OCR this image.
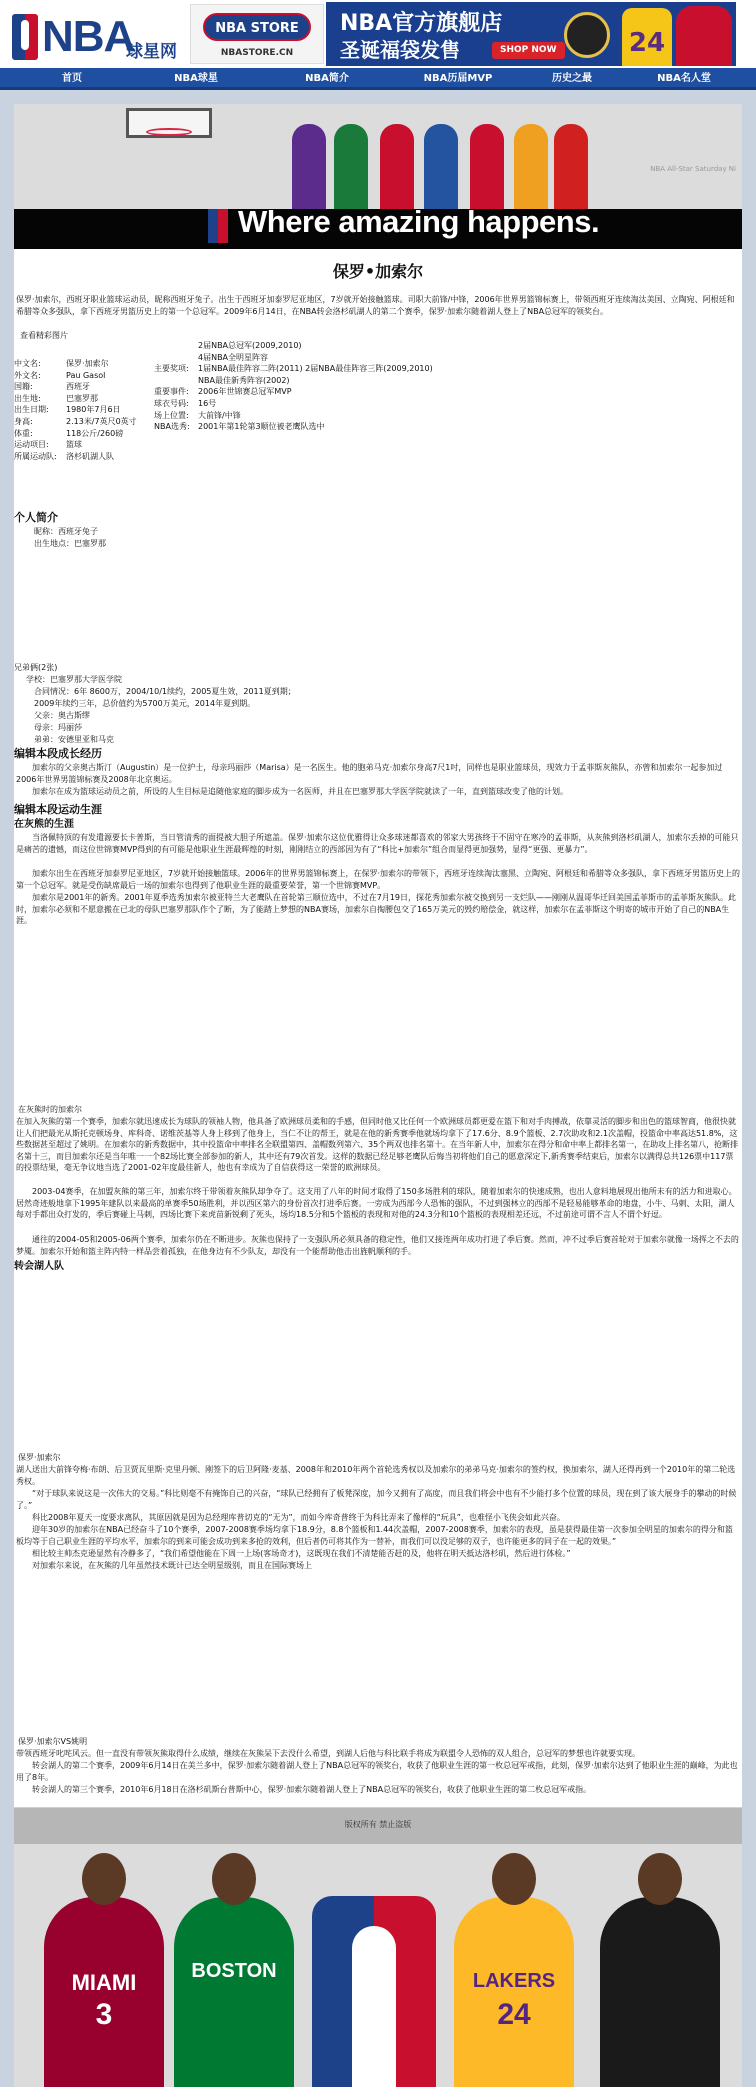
NBA
球星网
NBA STORE
NBASTORE.CN
NBA官方旗舰店
圣诞福袋发售	SHOP NOW	24
首页	NBA球星	NBA简介	NBA历届MVP	历史之最	NBA名人堂
NBA All-Star Saturday Ni
Where amazing happens.
保罗•加索尔
保罗·加索尔，西班牙职业篮球运动员，昵称西班牙兔子。出生于西班牙加泰罗尼亚地区，7岁就开始接触篮球。司职大前锋/中锋，2006年世界男篮锦标赛上，带领西班牙连续淘汰美国、立陶宛、阿根廷和希腊等众多强队，拿下西班牙男篮历史上的第一个总冠军。2009年6月14日，在NBA转会洛杉矶湖人的第二个赛季，保罗·加索尔随着湖人登上了NBA总冠军的领奖台。
查看精彩图片
中文名:	保罗·加索尔
外文名:	Pau Gasol
国籍:	西班牙
出生地:	巴塞罗那
出生日期:	1980年7月6日
身高:	2.13米/7英尺0英寸
体重:	118公斤/260磅
运动项目:	篮球
所属运动队:	洛杉矶湖人队
2届NBA总冠军(2009,2010)
4届NBA全明星阵容
主要奖项:	1届NBA最佳阵容二阵(2011) 2届NBA最佳阵容三阵(2009,2010)
NBA最佳新秀阵容(2002)
重要事件:	2006年世锦赛总冠军MVP
球衣号码:	16号
场上位置:	大前锋/中锋
NBA选秀:	2001年第1轮第3顺位被老鹰队选中
个人简介
昵称：西班牙兔子
出生地点：巴塞罗那
兄弟俩(2张)
学校：巴塞罗那大学医学院
合同情况：6年 8600万，2004/10/1续约，2005夏生效，2011夏到期；
2009年续约三年，总价值约为5700万美元，2014年夏到期。
父亲：奥古斯缪
母亲：玛丽莎
弟弟：安德里亚和马克
编辑本段成长经历
加索尔的父亲奥古斯汀（Augustin）是一位护士，母亲玛丽莎（Marisa）是一名医生。他的胞弟马克·加索尔身高7尺1吋，同样也是职业篮球员，现效力于孟菲斯灰熊队，亦曾和加索尔一起参加过2006年世界男篮锦标赛及2008年北京奥运。
加索尔在成为篮球运动员之前，所设的人生目标是追随他家庭的脚步成为一名医师，并且在巴塞罗那大学医学院就读了一年，直到篮球改变了他的计划。
编辑本段运动生涯
在灰熊的生涯
当洛佩特顶的有发遣源要长卡普斯，当日管清秀的面提被大胆子所遮盖。保罗·加索尔这位优雅得让众多球迷都喜欢的邻家大男孩终于不固守在寒冷的孟菲斯，从灰熊到洛杉矶湖人，加索尔丢掉的可能只是痛苦的遗憾，而这位世锦赛MVP得到的有可能是他职业生涯最辉煌的时刻，刚刚结立的西部因为有了“科比+加索尔”组合而显得更加强势，显得“更强、更暴力”。
加索尔出生在西班牙加泰罗尼亚地区，7岁就开始接触篮球。2006年的世界男篮锦标赛上，在保罗·加索尔的带领下，西班牙连续淘汰塞黑、立陶宛、阿根廷和希腊等众多强队，拿下西班牙男篮历史上的第一个总冠军。就是受伤缺席最后一场的加索尔也得到了他职业生涯的最重要荣誉，第一个世锦赛MVP。
加索尔是2001年的新秀。2001年夏季选秀加索尔被亚特兰大老鹰队在首轮第三顺位选中，不过在7月19日，探花秀加索尔被交换到另一支烂队——刚刚从温哥华迁回美国孟菲斯市的孟菲斯灰熊队。此时，加索尔必须和不愿意搬在已北的母队巴塞罗那队作个了断，为了能踏上梦想的NBA赛场，加索尔自掏腰包交了165万美元的毁约赔偿金，就这样，加索尔在孟菲斯这个明寄的城市开始了自己的NBA生涯。
在灰熊时的加索尔
在加入灰熊的第一个赛季，加索尔就迅速成长为球队的领袖人物，他具备了欧洲球员柔和的手感，但同时他又比任何一个欧洲球员都更爱在篮下和对手肉搏战，依靠灵活的脚步和出色的篮球智商，他很快就让人们把最光从斯托克顿场身、库科奇、诺维茨基等人身上移到了他身上，当仁不让的帮王，就是在他的新秀赛季他就场均拿下了17.6分、8.9个篮板、2.7次助攻和2.1次盖帽，投篮命中率高达51.8%，这些数据甚至超过了姚明。在加索尔的新秀数据中，其中投篮命中率排名全联盟第四、盖帽数列第六、35个两双也排名第十。在当年新人中，加索尔在得分和命中率上都排名第一，在助攻上排名第八，抢断排名第十三，而目加索尔还是当年唯一一个82场比赛全部参加的新人，其中还有79次首发。这样的数据已经足够老鹰队后悔当初将他们自己的愿意深定下,新秀赛季结束后，加索尔以满得总共126票中117票的投票结果，毫无争议地当选了2001-02年度最佳新人，他也有幸成为了自信获得这一荣誉的欧洲球员。
2003-04赛季，在加盟灰熊的第三年，加索尔终于带领着灰熊队却争夺了。这支用了八年的时间才取得了150多场胜利的球队，随着加索尔的快速成熟，也出人意料地展现出他所未有的活力和进取心。居然奇迹般地拿下1995年建队以来最高的单赛季50场胜利，并以西区第六的身份首次打进季后赛。一旁成为西部今人恐怖的强队，不过到强林立的西部不是轻易能够革命的地盘，小牛、马刺、太阳，湖人每对手都出众打发的，季后赛碰上马刺，四场比赛下来虎苗新锐剩了死头，场均18.5分和5个篮板的表现和对他的24.3分和10个篮板的表现相差还远，不过前途可谓不言人不谓个好逗。
通往的2004-05和2005-06两个赛季，加索尔仍在不断进步。灰熊也保持了一支强队所必须具备的稳定性，他们又接连两年成功打进了季后赛。然而，冲不过季后赛首轮对于加索尔就像一场挥之不去的梦魇。加索尔开始和篮主阵内特一样品尝着孤独，在他身边有不少队友，却没有一个能帮助他击出旌帆顺利的手。
转会湖人队
保罗·加索尔
湖人送出大前锋夸梅·布朗、后卫贾瓦里斯·克里丹顿、刚签下的后卫阿隆·麦基、2008年和2010年两个首轮选秀权以及加索尔的弟弟马克·加索尔的签约权，换加索尔，湖人还得再到一个2010年的第二轮选秀权。
“对于球队来说这是一次伟大的交易。”科比则毫不有掩饰自己的兴奋，“球队已经拥有了板凳深度，加今又拥有了高度，而且我们将会中也有不少能打多个位置的球员，现在到了该大展身手的攀动的时候了。”
科比2008年夏天一度要求离队，其原因就是因为总经理库普切克的“无为”，而如今库奇普终于为科比弄来了像样的“玩具”，也难怪小飞侠会如此兴奋。
迎年30岁的加索尔在NBA已经奋斗了10个赛季，2007-2008赛季场均拿下18.9分，8.8个篮板和1.44次盖帽，2007-2008赛季，加索尔的表现，虽是获得最佳第一次参加全明星的加索尔的得分和篮板均等于自己职业生涯的平均水平，加索尔的到来可能会成功到来多抢的效利，但后者仍可将其作为一替补，而我们可以没足够的双子，也许能更多的同子在一起的效果。”
相比较主帅杰克逊显然有冷静多了，“我们希望他能在下周一上场(客场奇才)，这既现在我们不清楚能否赶的及，他将在明天抵达洛杉矶，然后进行体检。”
对加索尔来说，在灰熊的几年虽然技术既计已达全明星级别，而且在国际赛场上
保罗·加索尔VS姚明
带领西班牙叱咤风云。但一直没有带领灰熊取得什么成绩，继续在灰熊呆下去没什么希望，到湖人后他与科比联手将成为联盟令人恐怖的双人组合，总冠军的梦想也许就要实现。
转会湖人的第二个赛季，2009年6月14日在美兰多中，保罗·加索尔随着湖人登上了NBA总冠军的领奖台，收获了他职业生涯的第一枚总冠军戒指，此刻，保罗·加索尔达到了他职业生涯的巅峰，为此也用了8年。
转会湖人的第三个赛季，2010年6月18日在洛杉矶斯台普斯中心，保罗·加索尔随着湖人登上了NBA总冠军的领奖台，收获了他职业生涯的第二枚总冠军戒指。
版权所有 禁止盗版
MIAMI
3
BOSTON	LAKERS
24
